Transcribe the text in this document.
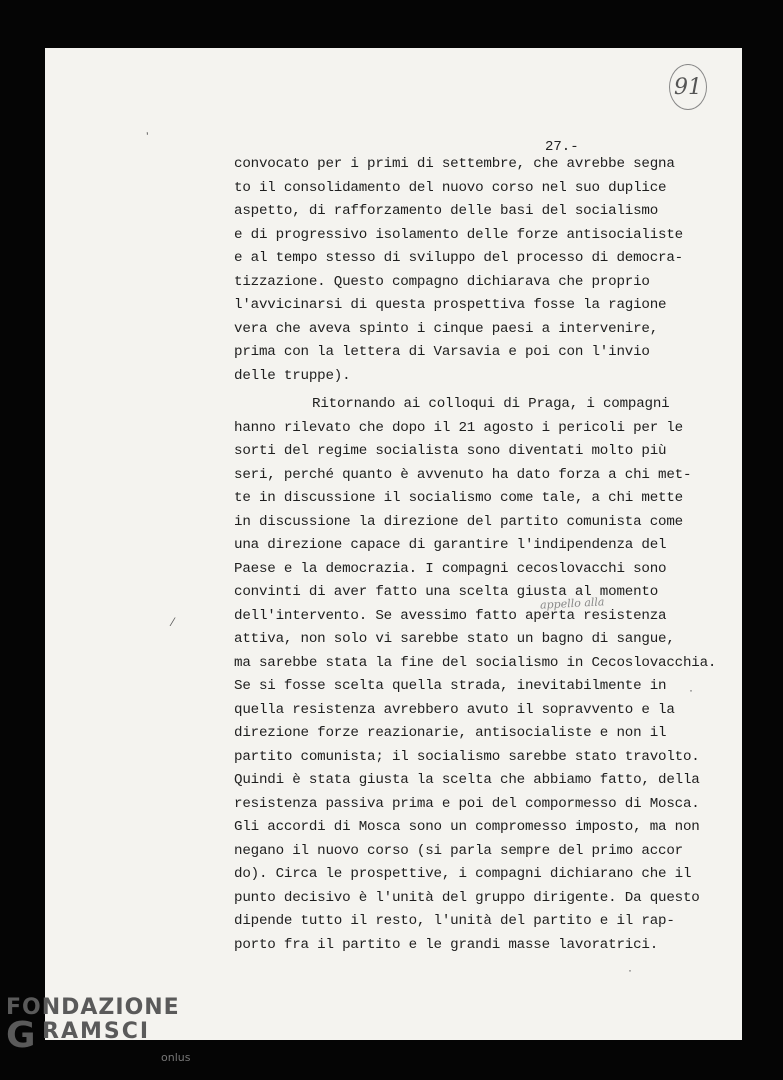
91
27.-
ʼ
⁄
·
·
convocato per i primi di settembre, che avrebbe segna
to il consolidamento del nuovo corso nel suo duplice
aspetto, di rafforzamento delle basi del socialismo
e di progressivo isolamento delle forze antisocialiste
e al tempo stesso di sviluppo del processo di democra-
tizzazione. Questo compagno dichiarava che proprio
l'avvicinarsi di questa prospettiva fosse la ragione
vera che aveva spinto i cinque paesi a intervenire,
prima con la lettera di Varsavia e poi con l'invio
delle truppe).
Ritornando ai colloqui di Praga, i compagni
hanno rilevato che dopo il 21 agosto i pericoli per le
sorti del regime socialista sono diventati molto più
seri, perché quanto è avvenuto ha dato forza a chi met-
te in discussione il socialismo come tale, a chi mette
in discussione la direzione del partito comunista come
una direzione capace di garantire l'indipendenza del
Paese e la democrazia. I compagni cecoslovacchi sono
convinti di aver fatto una scelta giusta al momento
dell'intervento. Se avessimo fatto aperta resistenza
attiva, non solo vi sarebbe stato un bagno di sangue,
ma sarebbe stata la fine del socialismo in Cecoslovacchia.
Se si fosse scelta quella strada, inevitabilmente in
quella resistenza avrebbero avuto il sopravvento e la
direzione forze reazionarie, antisocialiste e non il
partito comunista; il socialismo sarebbe stato travolto.
Quindi è stata giusta la scelta che abbiamo fatto, della
resistenza passiva prima e poi del compormesso di Mosca.
Gli accordi di Mosca sono un compromesso imposto, ma non
negano il nuovo corso (si parla sempre del primo accor
do). Circa le prospettive, i compagni dichiarano che il
punto decisivo è l'unità del gruppo dirigente. Da questo
dipende tutto il resto, l'unità del partito e il rap-
porto fra il partito e le grandi masse lavoratrici.
appello alla
FONDAZIONE
G RAMSCI
onlus
